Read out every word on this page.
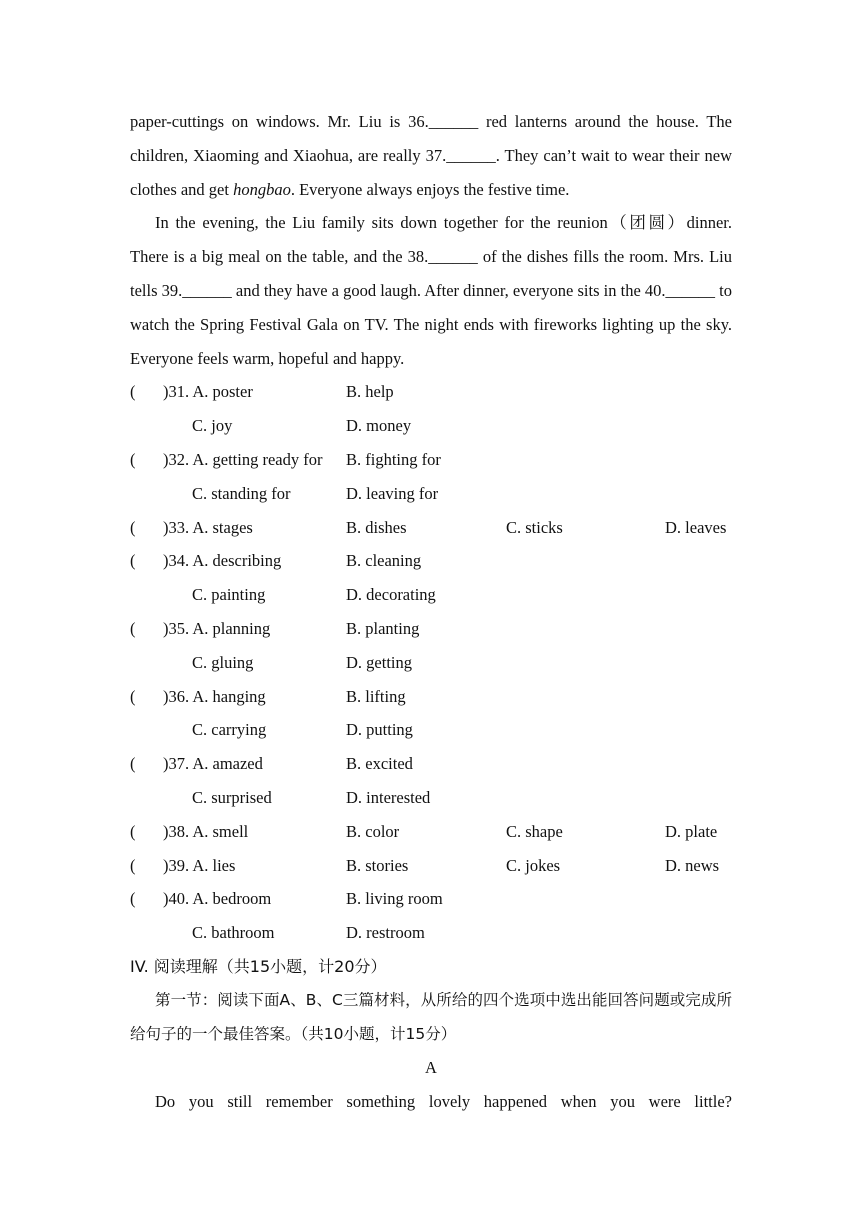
paper-cuttings on windows. Mr. Liu is 36.______ red lanterns around the house. The children, Xiaoming and Xiaohua, are really 37.______. They can’t wait to wear their new clothes and get hongbao. Everyone always enjoys the festive time.

In the evening, the Liu family sits down together for the reunion（团圆）dinner. There is a big meal on the table, and the 38.______ of the dishes fills the room. Mrs. Liu tells 39.______ and they have a good laugh. After dinner, everyone sits in the 40.______ to watch the Spring Festival Gala on TV. The night ends with fireworks lighting up the sky. Everyone feels warm, hopeful and happy.

( )31. A. poster	B. help
C. joy	D. money
( )32. A. getting ready for B. fighting for
C. standing for	D. leaving for
( )33. A. stages	B. dishes	C. sticks	D. leaves
( )34. A. describing	B. cleaning
C. painting	D. decorating
( )35. A. planning	B. planting
C. gluing	D. getting
( )36. A. hanging	B. lifting
C. carrying	D. putting
( )37. A. amazed	B. excited
C. surprised	D. interested
( )38. A. smell	B. color	C. shape	D. plate
( )39. A. lies	B. stories	C. jokes	D. news
( )40. A. bedroom	B. living room
C. bathroom	D. restroom

IV. 阅读理解（共15小题，计20分）

第一节：阅读下面A、B、C三篇材料，从所给的四个选项中选出能回答问题或完成所给句子的一个最佳答案。（共10小题，计15分）

A

Do you still remember something lovely happened when you were little?
